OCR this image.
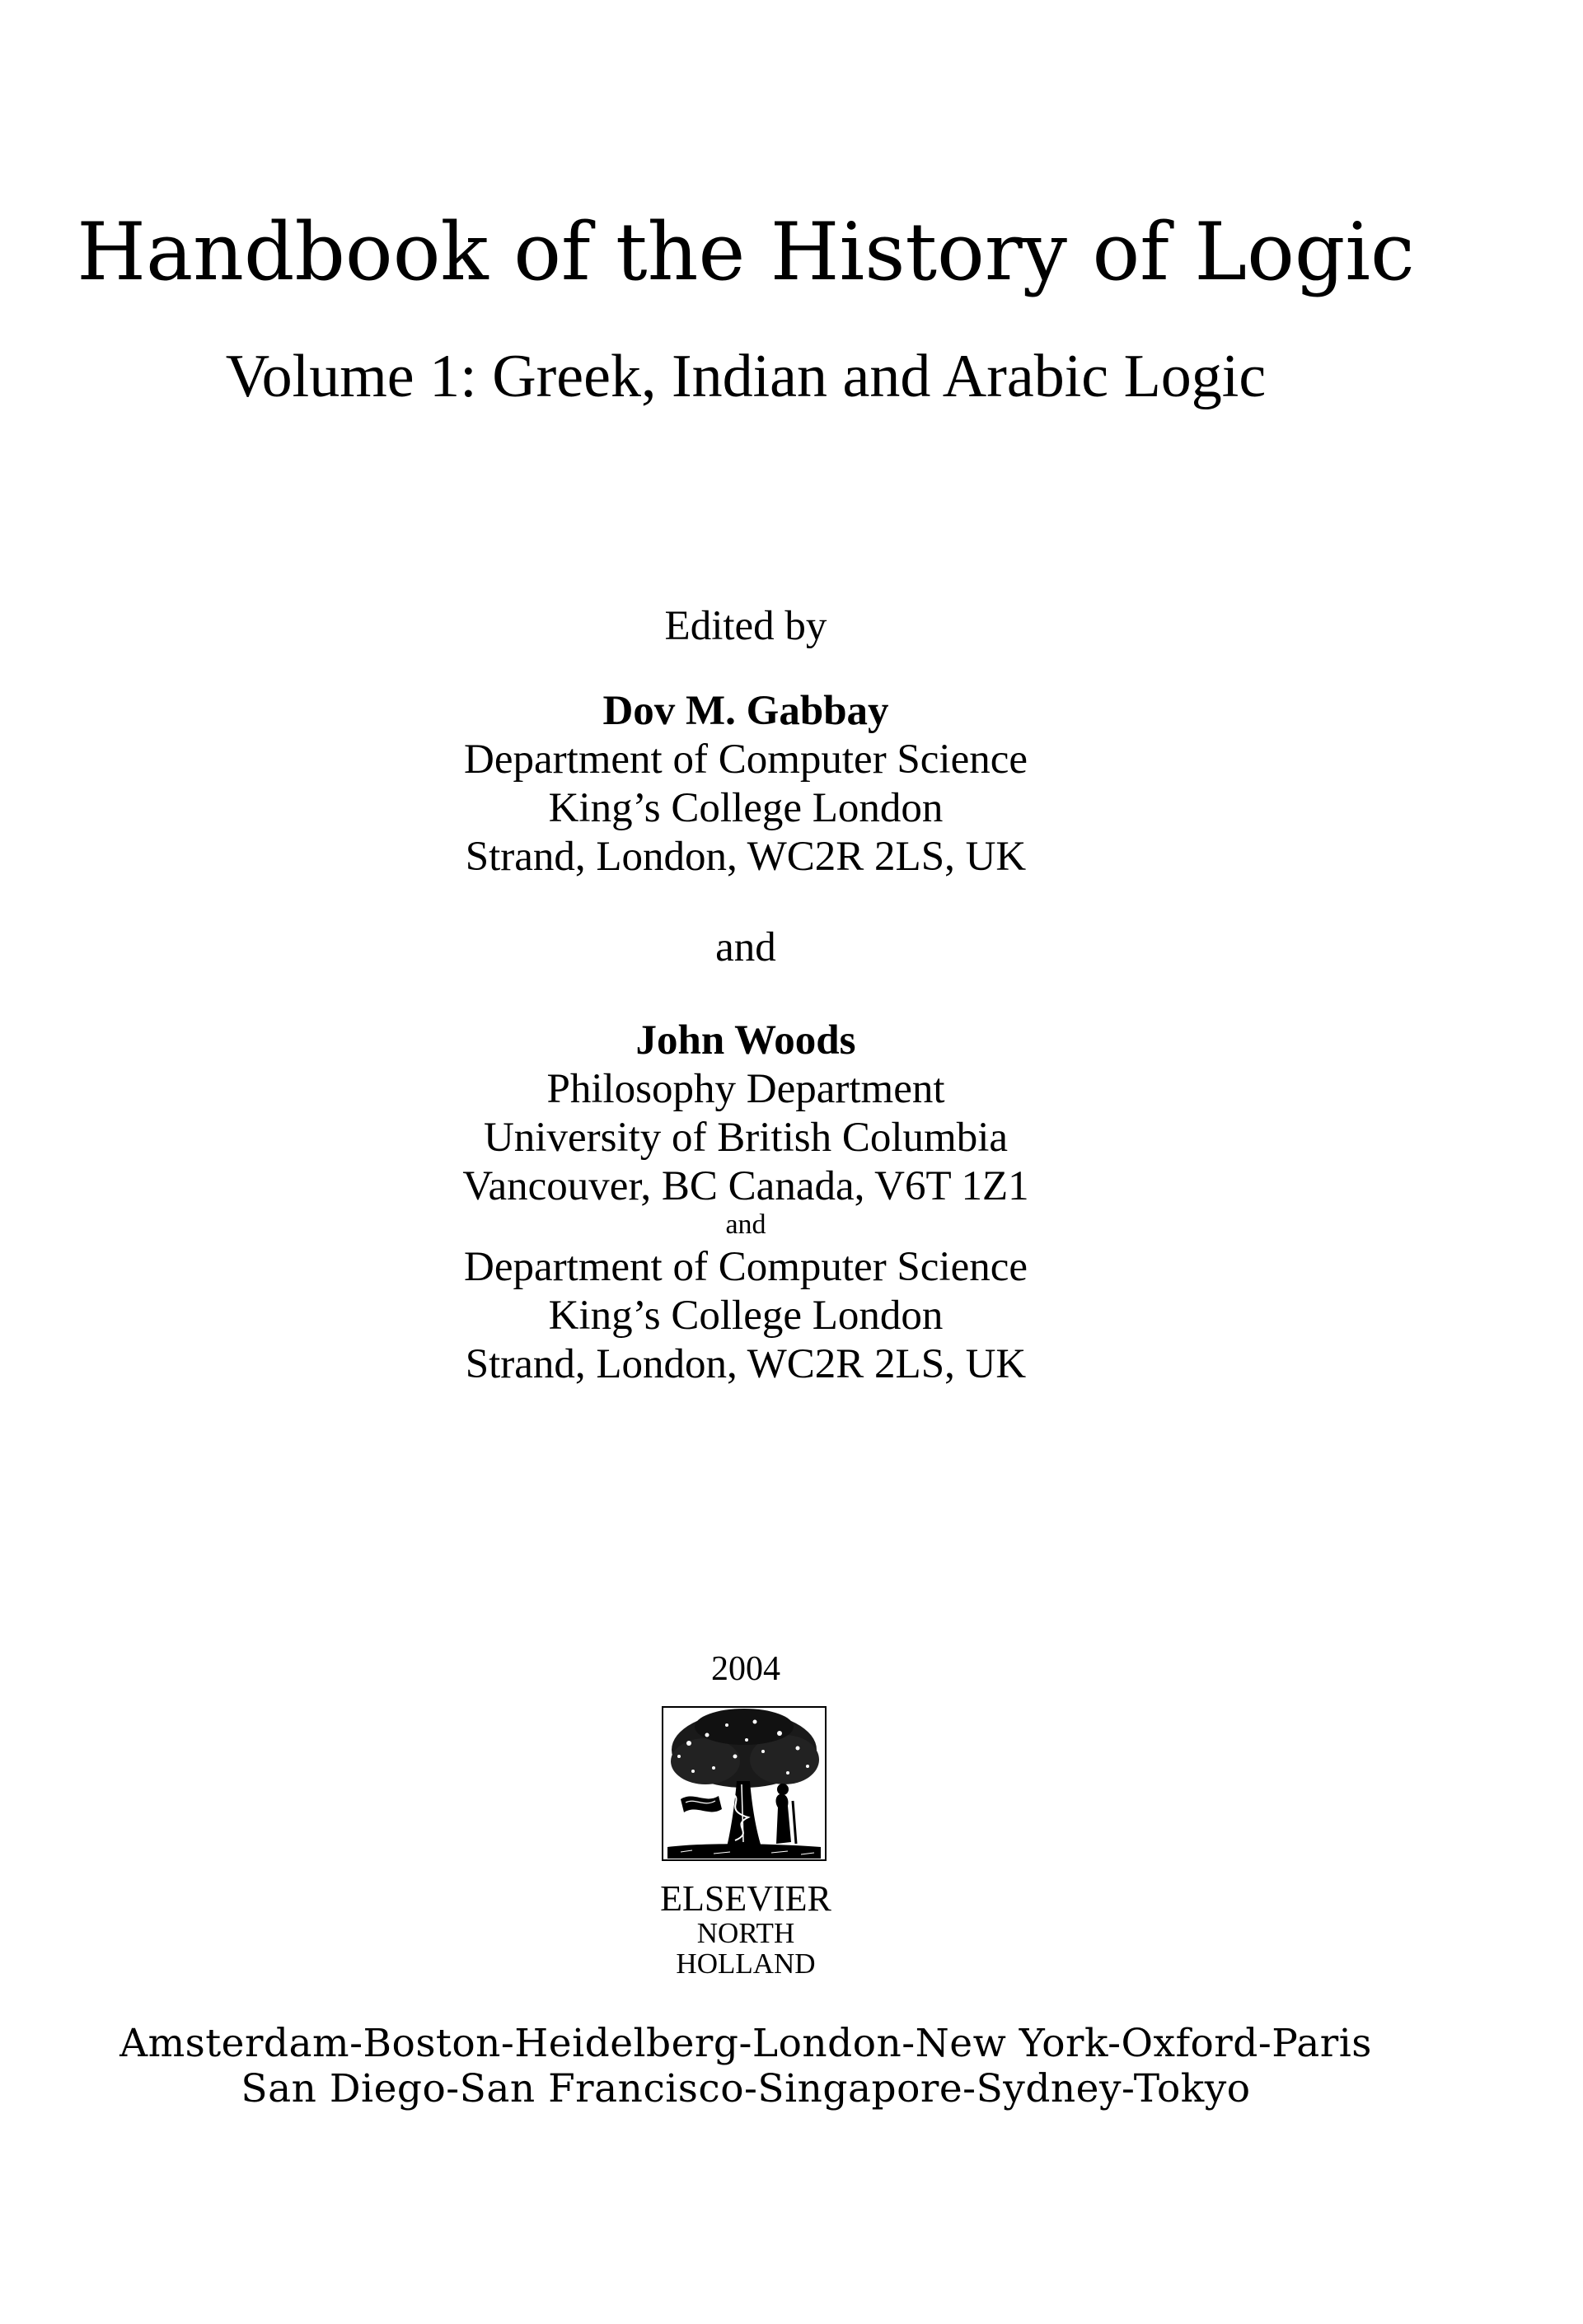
Handbook of the History of Logic
Volume 1: Greek, Indian and Arabic Logic
Edited by
Dov M. Gabbay
Department of Computer Science
King’s College London
Strand, London, WC2R 2LS, UK
and
John Woods
Philosophy Department
University of British Columbia
Vancouver, BC Canada, V6T 1Z1
and
Department of Computer Science
King’s College London
Strand, London, WC2R 2LS, UK
2004
ELSEVIER
NORTH
HOLLAND
Amsterdam-Boston-Heidelberg-London-New York-Oxford-Paris
San Diego-San Francisco-Singapore-Sydney-Tokyo
